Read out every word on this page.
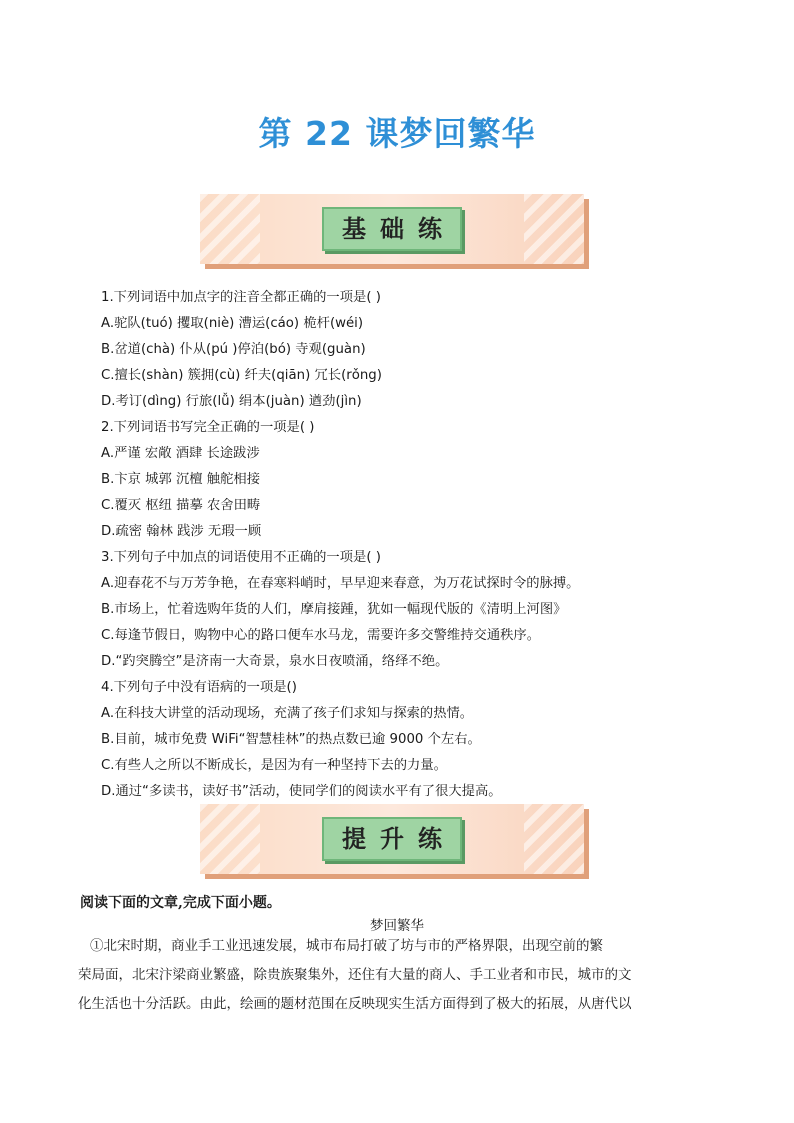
第 22 课梦回繁华
基础练
1.下列词语中加点字的注音全都正确的一项是( )
A.驼队(tuó) 攫取(niè) 漕运(cáo) 桅杆(wéi)
B.岔道(chà) 仆从(pú )停泊(bó) 寺观(guàn)
C.擅长(shàn) 簇拥(cù) 纤夫(qiān) 冗长(rǒng)
D.考订(dìng) 行旅(lǚ) 绢本(juàn) 遒劲(jìn)
2.下列词语书写完全正确的一项是( )
A.严谨 宏敞 酒肆 长途跋涉
B.卞京 城郭 沉檀 触舵相接
C.覆灭 枢纽 描摹 农舍田畴
D.疏密 翰林 践涉 无瑕一顾
3.下列句子中加点的词语使用不正确的一项是( )
A.迎春花不与万芳争艳，在春寒料峭时，早早迎来春意，为万花试探时令的脉搏。
B.市场上，忙着选购年货的人们，摩肩接踵，犹如一幅现代版的《清明上河图》
C.每逢节假日，购物中心的路口便车水马龙，需要许多交警维持交通秩序。
D.“趵突腾空”是济南一大奇景，泉水日夜喷涌，络绎不绝。
4.下列句子中没有语病的一项是()
A.在科技大讲堂的活动现场，充满了孩子们求知与探索的热情。
B.目前，城市免费 WiFi“智慧桂林”的热点数已逾 9000 个左右。
C.有些人之所以不断成长，是因为有一种坚持下去的力量。
D.通过“多读书，读好书”活动，使同学们的阅读水平有了很大提高。
提升练
阅读下面的文章,完成下面小题。
梦回繁华
①北宋时期，商业手工业迅速发展，城市布局打破了坊与市的严格界限，出现空前的繁
荣局面，北宋汴梁商业繁盛，除贵族聚集外，还住有大量的商人、手工业者和市民，城市的文
化生活也十分活跃。由此，绘画的题材范围在反映现实生活方面得到了极大的拓展，从唐代以
